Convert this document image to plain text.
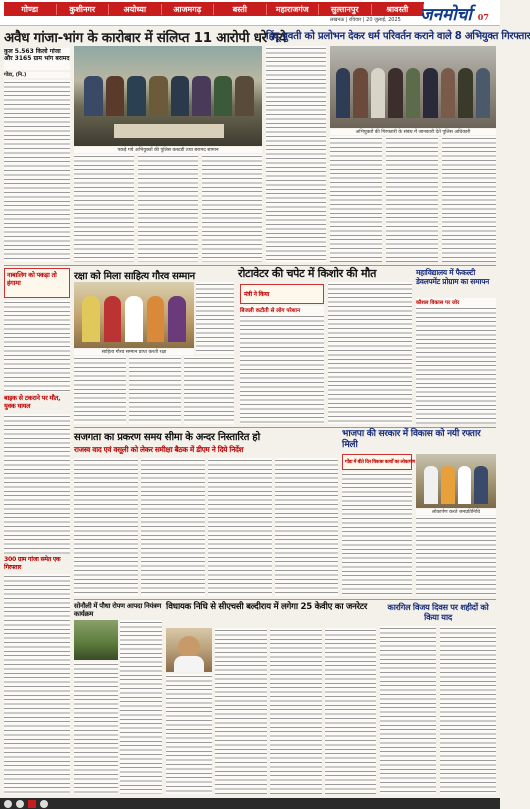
गोण्डा	कुशीनगर	अयोध्या	आजमगढ़	बस्ती	महाराजगंज	सुल्तानपुर	श्रावस्ती
लखनऊ | रविवार | 20 जुलाई, 2025 जनमोर्चा 07
अवैध गांजा-भांग के कारोबार में संलिप्त 11 आरोपी धरे गये
हिंदू युवती को प्रलोभन देकर धर्म परिवर्तन कराने वाले 8 अभियुक्त गिरफ्तार
कुल 5.563 किलो गांजा और 3165 ग्राम भांग बरामद
गोंडा, (नि.)
पकड़े गये अभियुक्तों की पुलिस कस्टडी तथा बरामद सामान
अभियुक्तों की गिरफ्तारी के संबंध में जानकारी देते पुलिस अधिकारी
नाबालिग को पकड़ा तो हंगामा
बाइक से टकराने पर मौत, युवक घायल
300 ग्राम गांजा समेत एक गिरफ्तार
रक्षा को मिला साहित्य गौरव सम्मान
साहित्य गौरव सम्मान प्राप्त करती रक्षा
रोटावेटर की चपेट में किशोर की मौत
मंत्री ने किया
बिजली कटौती से लोग परेशान
महाविद्यालय में फैकल्टी डेवलपमेंट प्रोग्राम का समापन
कौशल विकास पर जोर
सजगता का प्रकरण समय सीमा के अन्दर निस्तारित हो
राजस्व वाद एवं वसूली को लेकर समीक्षा बैठक में डीएम ने दिये निर्देश
भाजपा की सरकार में विकास को नयी रफ्तार मिली
गोंडा में बीते दिन विकास कार्यों का लोकार्पण
लोकार्पण करते जनप्रतिनिधि
सोनौली में पौधा रोपण आपदा नियंत्रण कार्यक्रम
विधायक निधि से सीएचसी बल्दीराय में लगेगा 25 केवीए का जनरेटर	कारगिल विजय दिवस पर शहीदों को किया याद
